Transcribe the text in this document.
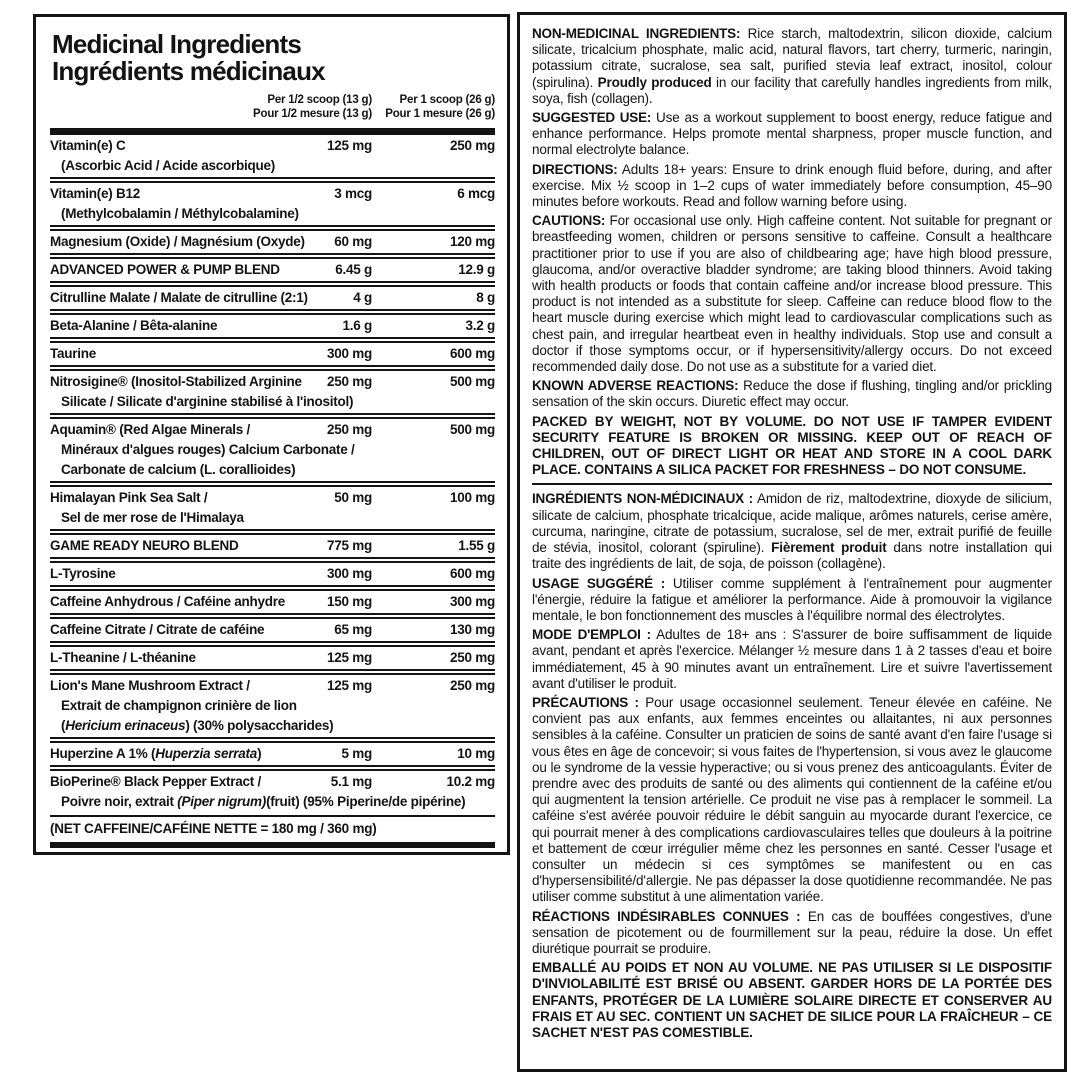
Medicinal Ingredients
Ingrédients médicinaux
Per 1/2 scoop (13 g)
Pour 1/2 mesure (13 g)
Per 1 scoop (26 g)
Pour 1 mesure (26 g)
Vitamin(e) C
(Ascorbic Acid / Acide ascorbique)
125 mg	250 mg
Vitamin(e) B12
(Methylcobalamin / Méthylcobalamine)
3 mcg	6 mcg
Magnesium (Oxide) / Magnésium (Oxyde)	60 mg	120 mg
ADVANCED POWER & PUMP BLEND	6.45 g	12.9 g
Citrulline Malate / Malate de citrulline (2:1)	4 g	8 g
Beta-Alanine / Bêta-alanine	1.6 g	3.2 g
Taurine	300 mg	600 mg
Nitrosigine® (Inositol-Stabilized Arginine
Silicate / Silicate d'arginine stabilisé à l'inositol)
250 mg	500 mg
Aquamin® (Red Algae Minerals /
Minéraux d'algues rouges) Calcium Carbonate /
Carbonate de calcium (L. corallioides)
250 mg	500 mg
Himalayan Pink Sea Salt /
Sel de mer rose de l'Himalaya
50 mg	100 mg
GAME READY NEURO BLEND	775 mg	1.55 g
L-Tyrosine	300 mg	600 mg
Caffeine Anhydrous / Caféine anhydre	150 mg	300 mg
Caffeine Citrate / Citrate de caféine	65 mg	130 mg
L-Theanine / L-théanine	125 mg	250 mg
Lion's Mane Mushroom Extract /
Extrait de champignon crinière de lion
(Hericium erinaceus) (30% polysaccharides)
125 mg	250 mg
Huperzine A 1% (Huperzia serrata)	5 mg	10 mg
BioPerine® Black Pepper Extract /
Poivre noir, extrait (Piper nigrum)(fruit) (95% Piperine/de pipérine)
5.1 mg	10.2 mg
(NET CAFFEINE/CAFÉINE NETTE = 180 mg / 360 mg)

NON-MEDICINAL INGREDIENTS: Rice starch, maltodextrin, silicon dioxide, calcium silicate, tricalcium phosphate, malic acid, natural flavors, tart cherry, turmeric, naringin, potassium citrate, sucralose, sea salt, purified stevia leaf extract, inositol, colour (spirulina). Proudly produced in our facility that carefully handles ingredients from milk, soya, fish (collagen).

SUGGESTED USE: Use as a workout supplement to boost energy, reduce fatigue and enhance performance. Helps promote mental sharpness, proper muscle function, and normal electrolyte balance.

DIRECTIONS: Adults 18+ years: Ensure to drink enough fluid before, during, and after exercise. Mix ½ scoop in 1–2 cups of water immediately before consumption, 45–90 minutes before workouts. Read and follow warning before using.

CAUTIONS: For occasional use only. High caffeine content. Not suitable for pregnant or breastfeeding women, children or persons sensitive to caffeine. Consult a healthcare practitioner prior to use if you are also of childbearing age; have high blood pressure, glaucoma, and/or overactive bladder syndrome; are taking blood thinners. Avoid taking with health products or foods that contain caffeine and/or increase blood pressure. This product is not intended as a substitute for sleep. Caffeine can reduce blood flow to the heart muscle during exercise which might lead to cardiovascular complications such as chest pain, and irregular heartbeat even in healthy individuals. Stop use and consult a doctor if those symptoms occur, or if hypersensitivity/allergy occurs. Do not exceed recommended daily dose. Do not use as a substitute for a varied diet.

KNOWN ADVERSE REACTIONS: Reduce the dose if flushing, tingling and/or prickling sensation of the skin occurs. Diuretic effect may occur.

PACKED BY WEIGHT, NOT BY VOLUME. DO NOT USE IF TAMPER EVIDENT SECURITY FEATURE IS BROKEN OR MISSING. KEEP OUT OF REACH OF CHILDREN, OUT OF DIRECT LIGHT OR HEAT AND STORE IN A COOL DARK PLACE. CONTAINS A SILICA PACKET FOR FRESHNESS – DO NOT CONSUME.

INGRÉDIENTS NON-MÉDICINAUX : Amidon de riz, maltodextrine, dioxyde de silicium, silicate de calcium, phosphate tricalcique, acide malique, arômes naturels, cerise amère, curcuma, naringine, citrate de potassium, sucralose, sel de mer, extrait purifié de feuille de stévia, inositol, colorant (spiruline). Fièrement produit dans notre installation qui traite des ingrédients de lait, de soja, de poisson (collagène).

USAGE SUGGÉRÉ : Utiliser comme supplément à l'entraînement pour augmenter l'énergie, réduire la fatigue et améliorer la performance. Aide à promouvoir la vigilance mentale, le bon fonctionnement des muscles à l'équilibre normal des électrolytes.

MODE D'EMPLOI : Adultes de 18+ ans : S'assurer de boire suffisamment de liquide avant, pendant et après l'exercice. Mélanger ½ mesure dans 1 à 2 tasses d'eau et boire immédiatement, 45 à 90 minutes avant un entraînement. Lire et suivre l'avertissement avant d'utiliser le produit.

PRÉCAUTIONS : Pour usage occasionnel seulement. Teneur élevée en caféine. Ne convient pas aux enfants, aux femmes enceintes ou allaitantes, ni aux personnes sensibles à la caféine. Consulter un praticien de soins de santé avant d'en faire l'usage si vous êtes en âge de concevoir; si vous faites de l'hypertension, si vous avez le glaucome ou le syndrome de la vessie hyperactive; ou si vous prenez des anticoagulants. Éviter de prendre avec des produits de santé ou des aliments qui contiennent de la caféine et/ou qui augmentent la tension artérielle. Ce produit ne vise pas à remplacer le sommeil. La caféine s'est avérée pouvoir réduire le débit sanguin au myocarde durant l'exercice, ce qui pourrait mener à des complications cardiovasculaires telles que douleurs à la poitrine et battement de cœur irrégulier même chez les personnes en santé. Cesser l'usage et consulter un médecin si ces symptômes se manifestent ou en cas d'hypersensibilité/d'allergie. Ne pas dépasser la dose quotidienne recommandée. Ne pas utiliser comme substitut à une alimentation variée.

RÉACTIONS INDÉSIRABLES CONNUES : En cas de bouffées congestives, d'une sensation de picotement ou de fourmillement sur la peau, réduire la dose. Un effet diurétique pourrait se produire.

EMBALLÉ AU POIDS ET NON AU VOLUME. NE PAS UTILISER SI LE DISPOSITIF D'INVIOLABILITÉ EST BRISÉ OU ABSENT. GARDER HORS DE LA PORTÉE DES ENFANTS, PROTÉGER DE LA LUMIÈRE SOLAIRE DIRECTE ET CONSERVER AU FRAIS ET AU SEC. CONTIENT UN SACHET DE SILICE POUR LA FRAÎCHEUR – CE SACHET N'EST PAS COMESTIBLE.
